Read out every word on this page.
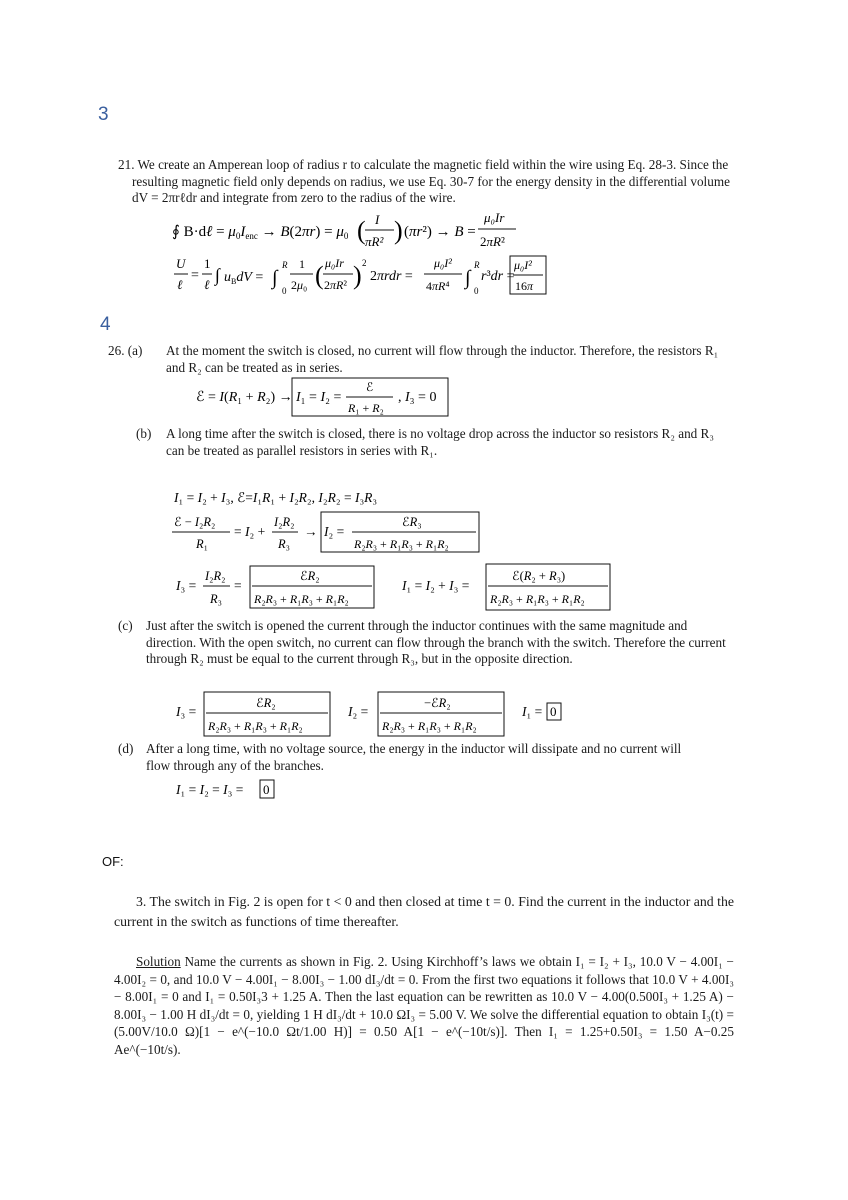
3
4
OF:
21. We create an Amperean loop of radius r to calculate the magnetic field within the wire using Eq. 28-3. Since the resulting magnetic field only depends on radius, we use Eq. 30-7 for the energy density in the differential volume dV = 2πrℓdr and integrate from zero to the radius of the wire.
∮ B·dℓ = $\mu_0I_{enc} \to B(2\pi r) = \mu_0$ ( I
πR² ) (πr²) → B =
μ₀Ir
2πR²
U
ℓ
=
1
ℓ ∫ $u_BdV$ = ∫
R
0
1
2μ₀ ( μ₀Ir
2πR² ) 2
2πrdr =
μ₀I²
4πR⁴ ∫
R
0
r³dr =
μ₀I²
16π
26. (a) At the moment the switch is closed, no current will flow through the inductor. Therefore, the resistors R₁ and R₂ can be treated as in series.
ℰ = I(R₁ + R₂) → I₁ = I₂ =
ℰ
R₁ + R₂
, I₃ = 0
(b) A long time after the switch is closed, there is no voltage drop across the inductor so resistors R₂ and R₃ can be treated as parallel resistors in series with R₁.
I₁ = I₂ + I₃, ℰ=I₁R₁ + I₂R₂, I₂R₂ = I₃R₃
ℰ − I₂R₂
R₁
= I₂ +
I₂R₂
R₃
→ I₂ =
ℰR₃
R₂R₃ + R₁R₃ + R₁R₂
I₃ =
I₂R₂
R₃
=
ℰR₂
R₂R₃ + R₁R₃ + R₁R₂
I₁ = I₂ + I₃ =
ℰ(R₂ + R₃)
R₂R₃ + R₁R₃ + R₁R₂
(c) Just after the switch is opened the current through the inductor continues with the same magnitude and direction. With the open switch, no current can flow through the branch with the switch. Therefore the current through R₂ must be equal to the current through R₃, but in the opposite direction.
I₃ =
ℰR₂
R₂R₃ + R₁R₃ + R₁R₂
I₂ =
−ℰR₂
R₂R₃ + R₁R₃ + R₁R₂
I₁ = 0
(d) After a long time, with no voltage source, the energy in the inductor will dissipate and no current will flow through any of the branches.
I₁ = I₂ = I₃ = 0
3. The switch in Fig. 2 is open for t < 0 and then closed at time t = 0. Find the current in the inductor and the current in the switch as functions of time thereafter.
Solution Name the currents as shown in Fig. 2. Using Kirchhoff’s laws we obtain I₁ = I₂ + I₃, 10.0 V − 4.00I₁ − 4.00I₂ = 0, and 10.0 V − 4.00I₁ − 8.00I₃ − 1.00 dI₃/dt = 0. From the first two equations it follows that 10.0 V + 4.00I₃ − 8.00I₁ = 0 and I₁ = 0.50I₃3 + 1.25 A. Then the last equation can be rewritten as 10.0 V − 4.00(0.500I₃ + 1.25 A) − 8.00I₃ − 1.00 H dI₃/dt = 0, yielding 1 H dI₃/dt + 10.0 ΩI₃ = 5.00 V. We solve the differential equation to obtain I₃(t) = (5.00V/10.0 Ω)[1 − e^(−10.0 Ωt/1.00 H)] = 0.50 A[1 − e^(−10t/s)]. Then I₁ = 1.25+0.50I₃ = 1.50 A−0.25 Ae^(−10t/s).
